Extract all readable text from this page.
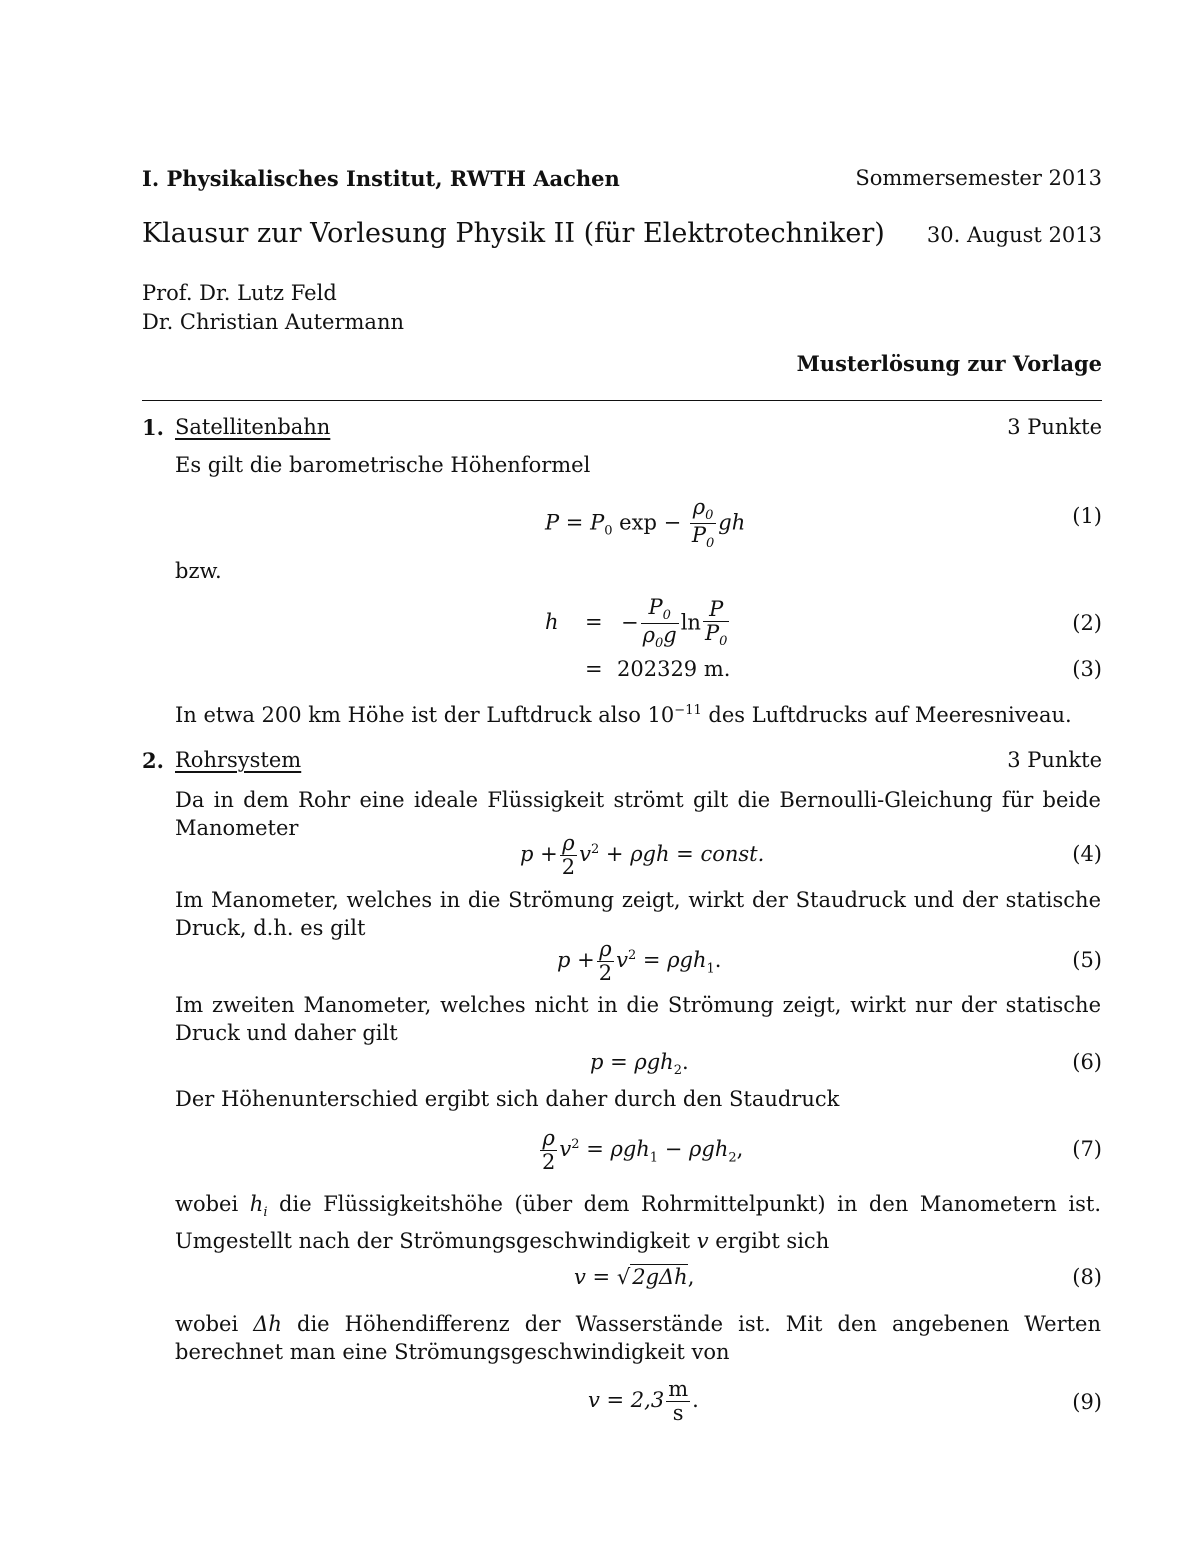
I. Physikalisches Institut, RWTH Aachen	Sommersemester 2013
Klausur zur Vorlesung Physik II (für Elektrotechniker)	30. August 2013
Prof. Dr. Lutz Feld
Dr. Christian Autermann
Musterlösung zur Vorlage
1. Satellitenbahn	3 Punkte
Es gilt die barometrische Höhenformel
$P = P_0$ $\exp - \frac{\rho_0}{P_0}$ gh	(1)
bzw.
h = − $\frac{P_0}{\rho_0g}$ $\ln \frac{P}{P_0}$	(2)
= 202329 m.	(3)
In etwa 200 km Höhe ist der Luftdruck also $10^{-11}$ des Luftdrucks auf Meeresniveau.
2. Rohrsystem	3 Punkte
Da in dem Rohr eine ideale Flüssigkeit strömt gilt die Bernoulli-Gleichung für beide Manometer
$p + \frac{\rho}{2} v^2 + \rho gh$ = const.	(4)
Im Manometer, welches in die Strömung zeigt, wirkt der Staudruck und der statische Druck, d.h. es gilt
$p + \frac{\rho}{2} v^2 = \rho gh_1$.	(5)
Im zweiten Manometer, welches nicht in die Strömung zeigt, wirkt nur der statische Druck und daher gilt
p = ρgh$_2$.	(6)
Der Höhenunterschied ergibt sich daher durch den Staudruck
$\frac{\rho}{2} v^2 = \rho gh_1 - \rho gh_2$,	(7)
wobei $h_i$ die Flüssigkeitshöhe (über dem Rohrmittelpunkt) in den Manometern ist. Umgestellt nach der Strömungsgeschwindigkeit v ergibt sich
v = √2gΔh,	(8)
wobei Δh die Höhendifferenz der Wasserstände ist. Mit den angebenen Werten berechnet man eine Strömungsgeschwindigkeit von
$v = 2,3 \frac{m}{s}$ .	(9)
